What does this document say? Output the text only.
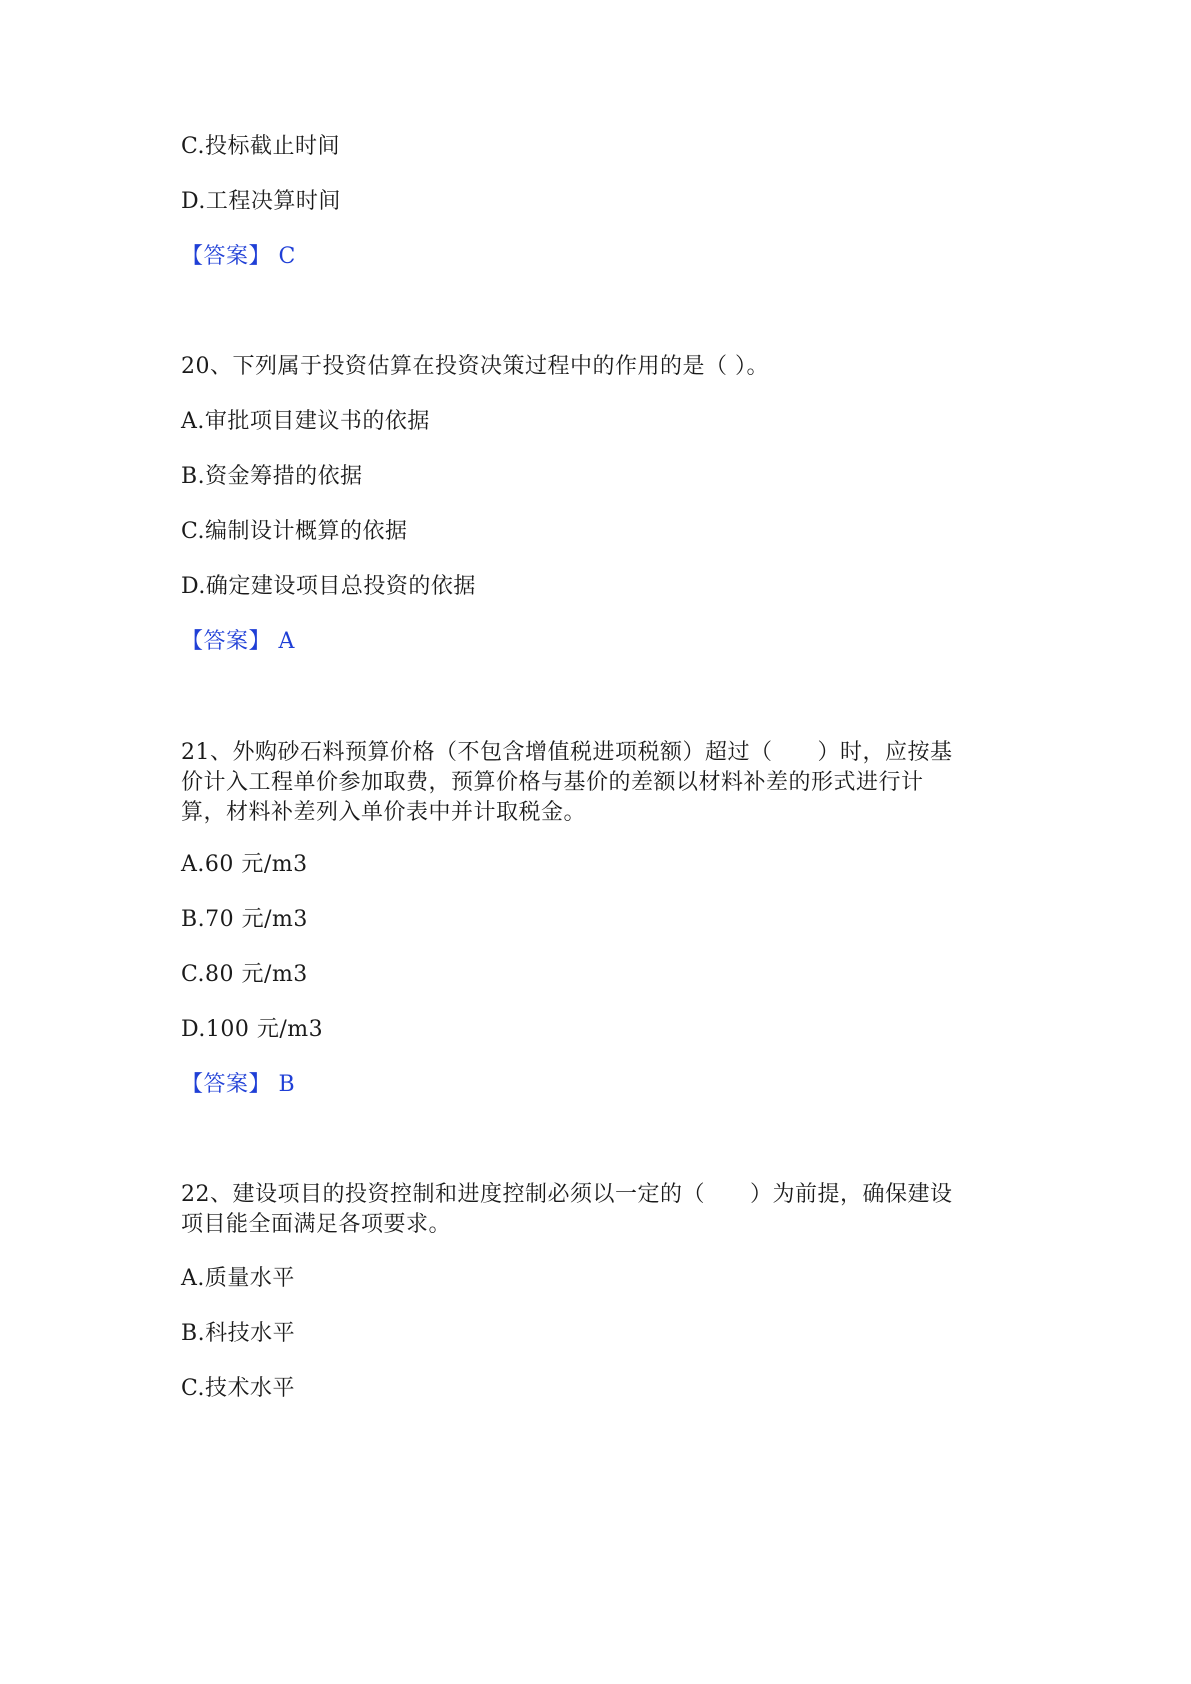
C.投标截止时间
D.工程决算时间
【答案】 C
20、下列属于投资估算在投资决策过程中的作用的是（ ）。
A.审批项目建议书的依据
B.资金筹措的依据
C.编制设计概算的依据
D.确定建设项目总投资的依据
【答案】 A
21、外购砂石料预算价格（不包含增值税进项税额）超过（　　）时，应按基
价计入工程单价参加取费，预算价格与基价的差额以材料补差的形式进行计
算，材料补差列入单价表中并计取税金。
A.60 元/m3
B.70 元/m3
C.80 元/m3
D.100 元/m3
【答案】 B
22、建设项目的投资控制和进度控制必须以一定的（　　）为前提，确保建设
项目能全面满足各项要求。
A.质量水平
B.科技水平
C.技术水平
